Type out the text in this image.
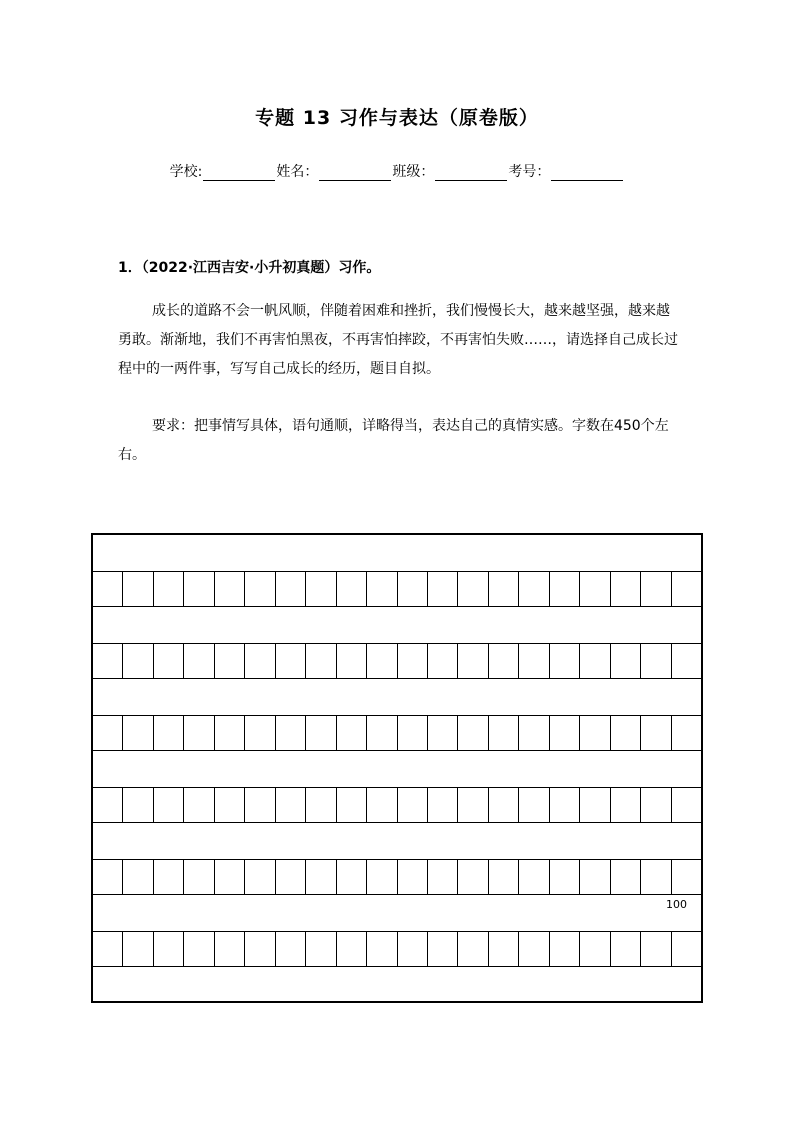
专题 13 习作与表达（原卷版）
学校:	姓名：	班级：	考号：
1．（2022·江西吉安·小升初真题）习作。
成长的道路不会一帆风顺，伴随着困难和挫折，我们慢慢长大，越来越坚强，越来越勇敢。渐渐地，我们不再害怕黑夜，不再害怕摔跤，不再害怕失败……，请选择自己成长过程中的一两件事，写写自己成长的经历，题目自拟。
要求：把事情写具体，语句通顺，详略得当，表达自己的真情实感。字数在450个左右。
100
